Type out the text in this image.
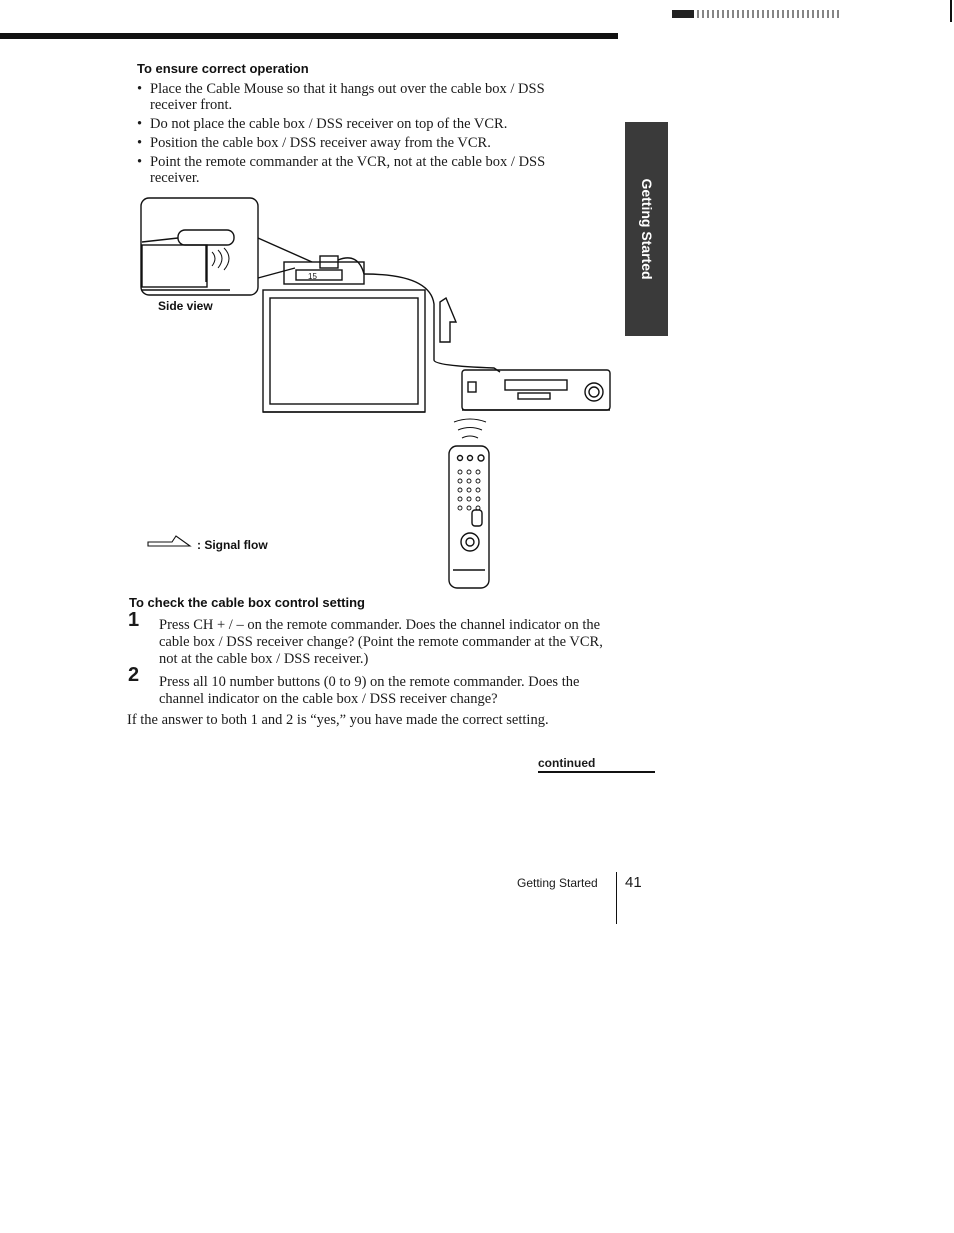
To ensure correct operation
• Place the Cable Mouse so that it hangs out over the cable box / DSS receiver front.
• Do not place the cable box / DSS receiver on top of the VCR.
• Position the cable box / DSS receiver away from the VCR.
• Point the remote commander at the VCR, not at the cable box / DSS receiver.
Getting Started
15
Side view
: Signal flow
To check the cable box control setting
1 Press CH + / – on the remote commander. Does the channel indicator on the cable box / DSS receiver change? (Point the remote commander at the VCR, not at the cable box / DSS receiver.)
2 Press all 10 number buttons (0 to 9) on the remote commander. Does the channel indicator on the cable box / DSS receiver change?
If the answer to both 1 and 2 is “yes,” you have made the correct setting.
continued
Getting Started 41
